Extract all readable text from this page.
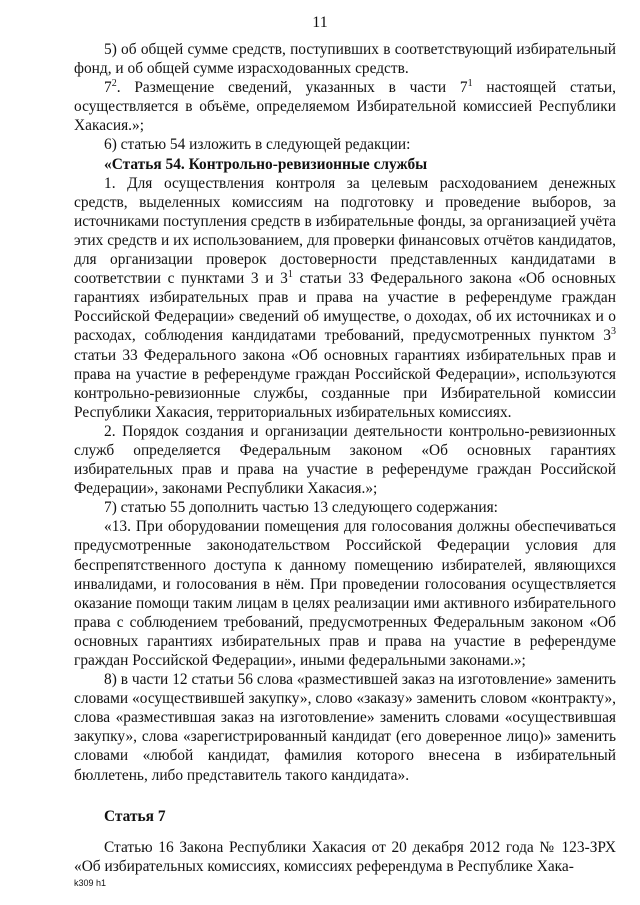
11

5) об общей сумме средств, поступивших в соответствующий избирательный фонд, и об общей сумме израсходованных средств.

$7^2$. Размещение сведений, указанных в части $7^1$ настоящей статьи, осуществляется в объёме, определяемом Избирательной комиссией Республики Хакасия.»;

6) статью 54 изложить в следующей редакции:

«Статья 54. Контрольно-ревизионные службы

1. Для осуществления контроля за целевым расходованием денежных средств, выделенных комиссиям на подготовку и проведение выборов, за источниками поступления средств в избирательные фонды, за организацией учёта этих средств и их использованием, для проверки финансовых отчётов кандидатов, для организации проверок достоверности представленных кандидатами в соответствии с пунктами 3 и $3^1$ статьи 33 Федерального закона «Об основных гарантиях избирательных прав и права на участие в референдуме граждан Российской Федерации» сведений об имуществе, о доходах, об их источниках и о расходах, соблюдения кандидатами требований, предусмотренных пунктом $3^3$ статьи 33 Федерального закона «Об основных гарантиях избирательных прав и права на участие в референдуме граждан Российской Федерации», используются контрольно-ревизионные службы, созданные при Избирательной комиссии Республики Хакасия, территориальных избирательных комиссиях.

2. Порядок создания и организации деятельности контрольно-ревизионных служб определяется Федеральным законом «Об основных гарантиях избирательных прав и права на участие в референдуме граждан Российской Федерации», законами Республики Хакасия.»;

7) статью 55 дополнить частью 13 следующего содержания:

«13. При оборудовании помещения для голосования должны обеспечиваться предусмотренные законодательством Российской Федерации условия для беспрепятственного доступа к данному помещению избирателей, являющихся инвалидами, и голосования в нём. При проведении голосования осуществляется оказание помощи таким лицам в целях реализации ими активного избирательного права с соблюдением требований, предусмотренных Федеральным законом «Об основных гарантиях избирательных прав и права на участие в референдуме граждан Российской Федерации», иными федеральными законами.»;

8) в части 12 статьи 56 слова «разместившей заказ на изготовление» заменить словами «осуществившей закупку», слово «заказу» заменить словом «контракту», слова «разместившая заказ на изготовление» заменить словами «осуществившая закупку», слова «зарегистрированный кандидат (его доверенное лицо)» заменить словами «любой кандидат, фамилия которого внесена в избирательный бюллетень, либо представитель такого кандидата».

Статья 7

Статью 16 Закона Республики Хакасия от 20 декабря 2012 года № 123-ЗРХ «Об избирательных комиссиях, комиссиях референдума в Республике Хака-

k309 h1
